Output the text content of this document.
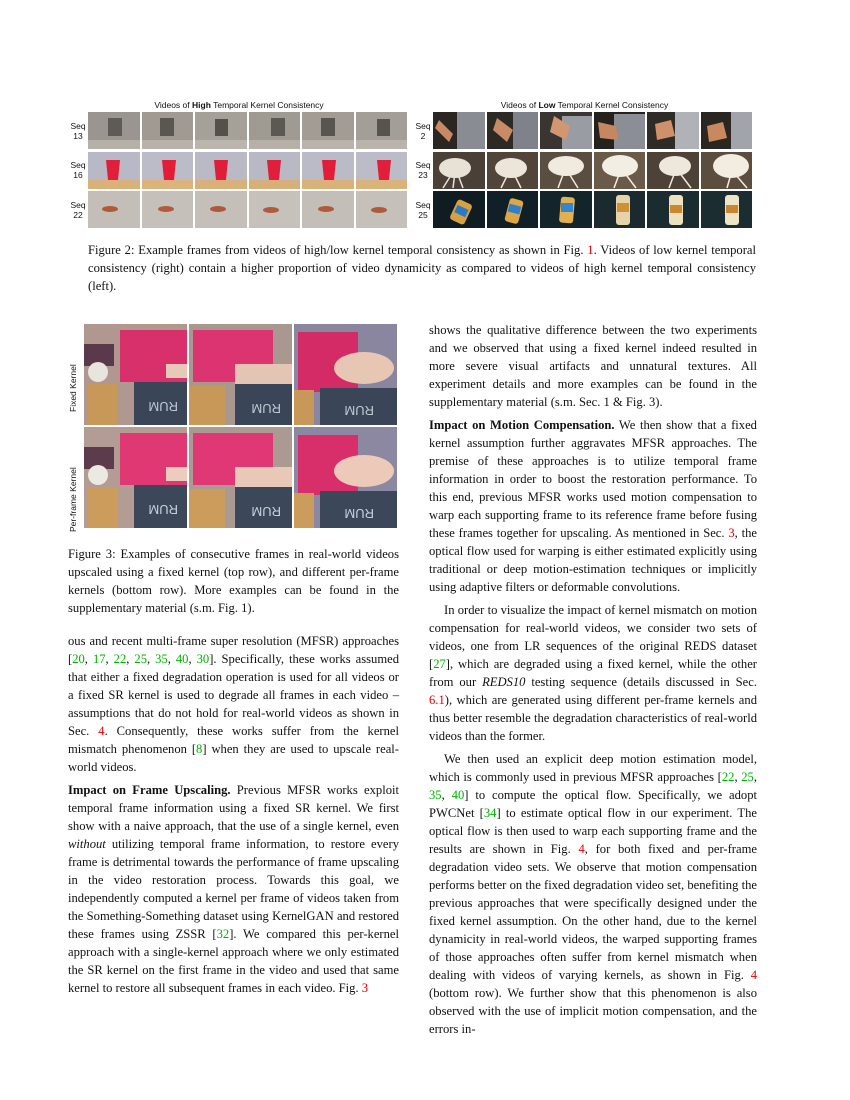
Videos of High Temporal Kernel Consistency
Seq
13
Seq
16
Seq
22
Videos of Low Temporal Kernel Consistency
Seq
2
Seq
23
Seq
25
Figure 2: Example frames from videos of high/low kernel temporal consistency as shown in Fig. 1. Videos of low kernel temporal consistency (right) contain a higher proportion of video dynamicity as compared to videos of high kernel temporal consistency (left).
Fixed Kernel
Per-frame Kernel
RUM	RUM	RUM
RUM	RUM	RUM
Figure 3: Examples of consecutive frames in real-world videos upscaled using a fixed kernel (top row), and different per-frame kernels (bottom row). More examples can be found in the supplementary material (s.m. Fig. 1).

ous and recent multi-frame super resolution (MFSR) approaches [20, 17, 22, 25, 35, 40, 30]. Specifically, these works assumed that either a fixed degradation operation is used for all videos or a fixed SR kernel is used to degrade all frames in each video – assumptions that do not hold for real-world videos as shown in Sec. 4. Consequently, these works suffer from the kernel mismatch phenomenon [8] when they are used to upscale real-world videos.

Impact on Frame Upscaling. Previous MFSR works exploit temporal frame information using a fixed SR kernel. We first show with a naive approach, that the use of a single kernel, even without utilizing temporal frame information, to restore every frame is detrimental towards the performance of frame upscaling in the video restoration process. Towards this goal, we independently computed a kernel per frame of videos taken from the Something-Something dataset using KernelGAN and restored these frames using ZSSR [32]. We compared this per-kernel approach with a single-kernel approach where we only estimated the SR kernel on the first frame in the video and used that same kernel to restore all subsequent frames in each video. Fig. 3

shows the qualitative difference between the two experiments and we observed that using a fixed kernel indeed resulted in more severe visual artifacts and unnatural textures. All experiment details and more examples can be found in the supplementary material (s.m. Sec. 1 & Fig. 3).

Impact on Motion Compensation. We then show that a fixed kernel assumption further aggravates MFSR approaches. The premise of these approaches is to utilize temporal frame information in order to boost the restoration performance. To this end, previous MFSR works used motion compensation to warp each supporting frame to its reference frame before fusing these frames together for upscaling. As mentioned in Sec. 3, the optical flow used for warping is either estimated explicitly using traditional or deep motion-estimation techniques or implicitly using adaptive filters or deformable convolutions.

In order to visualize the impact of kernel mismatch on motion compensation for real-world videos, we consider two sets of videos, one from LR sequences of the original REDS dataset [27], which are degraded using a fixed kernel, while the other from our REDS10 testing sequence (details discussed in Sec. 6.1), which are generated using different per-frame kernels and thus better resemble the degradation characteristics of real-world videos than the former.

We then used an explicit deep motion estimation model, which is commonly used in previous MFSR approaches [22, 25, 35, 40] to compute the optical flow. Specifically, we adopt PWCNet [34] to estimate optical flow in our experiment. The optical flow is then used to warp each supporting frame and the results are shown in Fig. 4, for both fixed and per-frame degradation video sets. We observe that motion compensation performs better on the fixed degradation video set, benefiting the previous approaches that were specifically designed under the fixed kernel assumption. On the other hand, due to the kernel dynamicity in real-world videos, the warped supporting frames of those approaches often suffer from kernel mismatch when dealing with videos of varying kernels, as shown in Fig. 4 (bottom row). We further show that this phenomenon is also observed with the use of implicit motion compensation, and the errors in-
